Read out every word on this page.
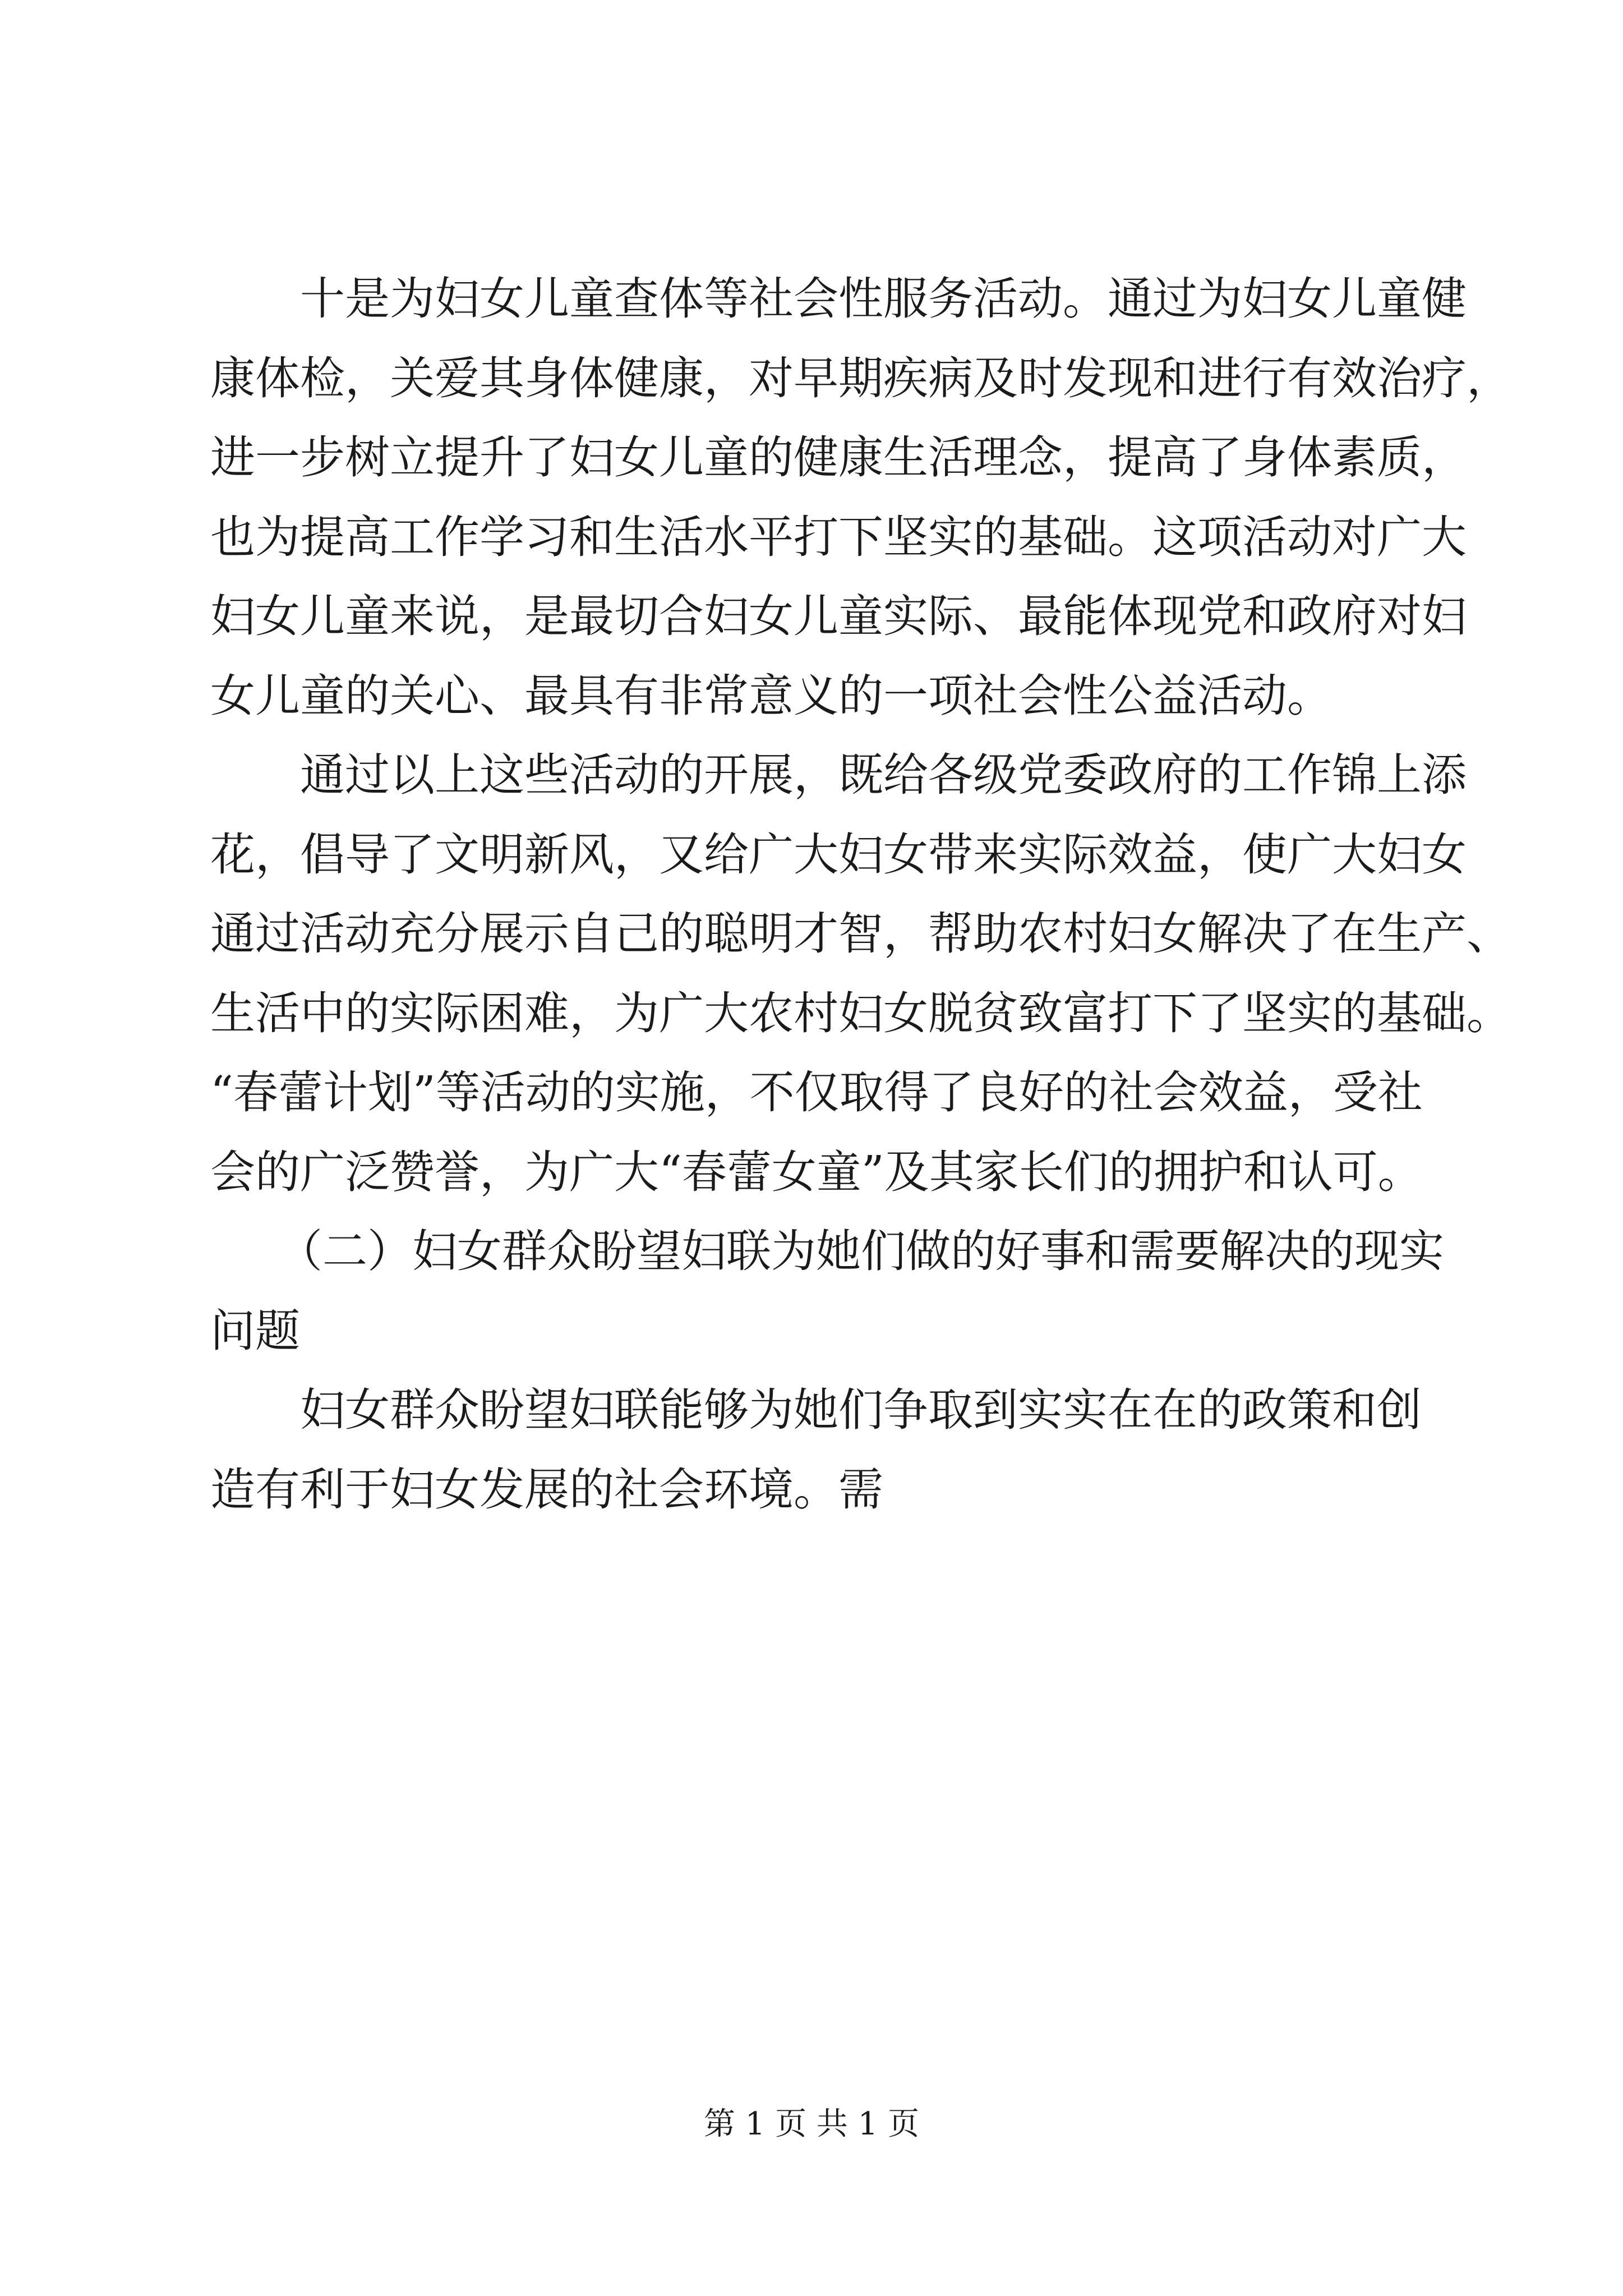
　　十是为妇女儿童查体等社会性服务活动。通过为妇女儿童健
康体检，关爱其身体健康，对早期疾病及时发现和进行有效治疗，
进一步树立提升了妇女儿童的健康生活理念，提高了身体素质，
也为提高工作学习和生活水平打下坚实的基础。这项活动对广大
妇女儿童来说，是最切合妇女儿童实际、最能体现党和政府对妇
女儿童的关心、最具有非常意义的一项社会性公益活动。
　　通过以上这些活动的开展，既给各级党委政府的工作锦上添
花，倡导了文明新风，又给广大妇女带来实际效益，使广大妇女
通过活动充分展示自己的聪明才智，帮助农村妇女解决了在生产、
生活中的实际困难，为广大农村妇女脱贫致富打下了坚实的基础。
“春蕾计划”等活动的实施，不仅取得了良好的社会效益，受社
会的广泛赞誉，为广大“春蕾女童”及其家长们的拥护和认可。
　　（二）妇女群众盼望妇联为她们做的好事和需要解决的现实
问题
　　妇女群众盼望妇联能够为她们争取到实实在在的政策和创
造有利于妇女发展的社会环境。需
第 1 页 共 1 页
